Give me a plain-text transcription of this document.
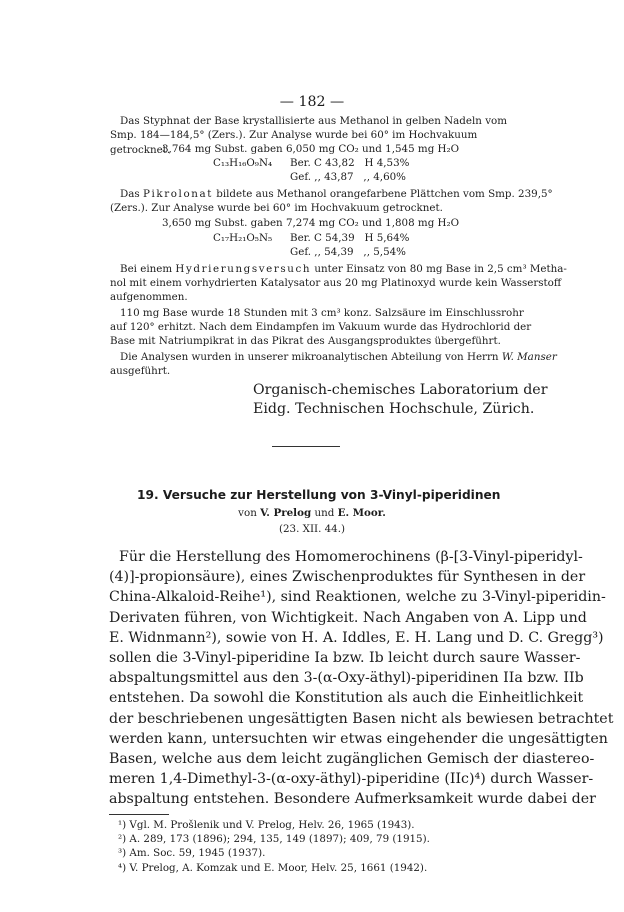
— 182 —
Das Styphnat der Base krystallisierte aus Methanol in gelben Nadeln vom
Smp. 184—184,5° (Zers.). Zur Analyse wurde bei 60° im Hochvakuum getrocknet.
3,764 mg Subst. gaben 6,050 mg CO₂ und 1,545 mg H₂O
C₁₃H₁₆O₉N₄ Ber. C 43,82   H 4,53%
Gef. ,, 43,87   ,, 4,60%
Das Pikrolonat bildete aus Methanol orangefarbene Plättchen vom Smp. 239,5°
(Zers.). Zur Analyse wurde bei 60° im Hochvakuum getrocknet.
3,650 mg Subst. gaben 7,274 mg CO₂ und 1,808 mg H₂O
C₁₇H₂₁O₅N₅ Ber. C 54,39   H 5,64%
Gef. ,, 54,39   ,, 5,54%
Bei einem Hydrierungsversuch unter Einsatz von 80 mg Base in 2,5 cm³ Metha-
nol mit einem vorhydrierten Katalysator aus 20 mg Platinoxyd wurde kein Wasserstoff
aufgenommen.
110 mg Base wurde 18 Stunden mit 3 cm³ konz. Salzsäure im Einschlussrohr
auf 120° erhitzt. Nach dem Eindampfen im Vakuum wurde das Hydrochlorid der
Base mit Natriumpikrat in das Pikrat des Ausgangsproduktes übergeführt.
Die Analysen wurden in unserer mikroanalytischen Abteilung von Herrn W. Manser
ausgeführt.
Organisch-chemisches Laboratorium der
Eidg. Technischen Hochschule, Zürich.
19. Versuche zur Herstellung von 3-Vinyl-piperidinen
von V. Prelog und E. Moor.
(23. XII. 44.)
Für die Herstellung des Homomerochinens (β-[3-Vinyl-piperidyl-
(4)]-propionsäure), eines Zwischenproduktes für Synthesen in der
China-Alkaloid-Reihe¹), sind Reaktionen, welche zu 3-Vinyl-piperidin-
Derivaten führen, von Wichtigkeit. Nach Angaben von A. Lipp und
E. Widnmann²), sowie von H. A. Iddles, E. H. Lang und D. C. Gregg³)
sollen die 3-Vinyl-piperidine Ia bzw. Ib leicht durch saure Wasser-
abspaltungsmittel aus den 3-(α-Oxy-äthyl)-piperidinen IIa bzw. IIb
entstehen. Da sowohl die Konstitution als auch die Einheitlichkeit
der beschriebenen ungesättigten Basen nicht als bewiesen betrachtet
werden kann, untersuchten wir etwas eingehender die ungesättigten
Basen, welche aus dem leicht zugänglichen Gemisch der diastereo-
meren 1,4-Dimethyl-3-(α-oxy-äthyl)-piperidine (IIc)⁴) durch Wasser-
abspaltung entstehen. Besondere Aufmerksamkeit wurde dabei der
¹) Vgl. M. Prošlenik und V. Prelog, Helv. 26, 1965 (1943).
²) A. 289, 173 (1896); 294, 135, 149 (1897); 409, 79 (1915).
³) Am. Soc. 59, 1945 (1937).
⁴) V. Prelog, A. Komzak und E. Moor, Helv. 25, 1661 (1942).
